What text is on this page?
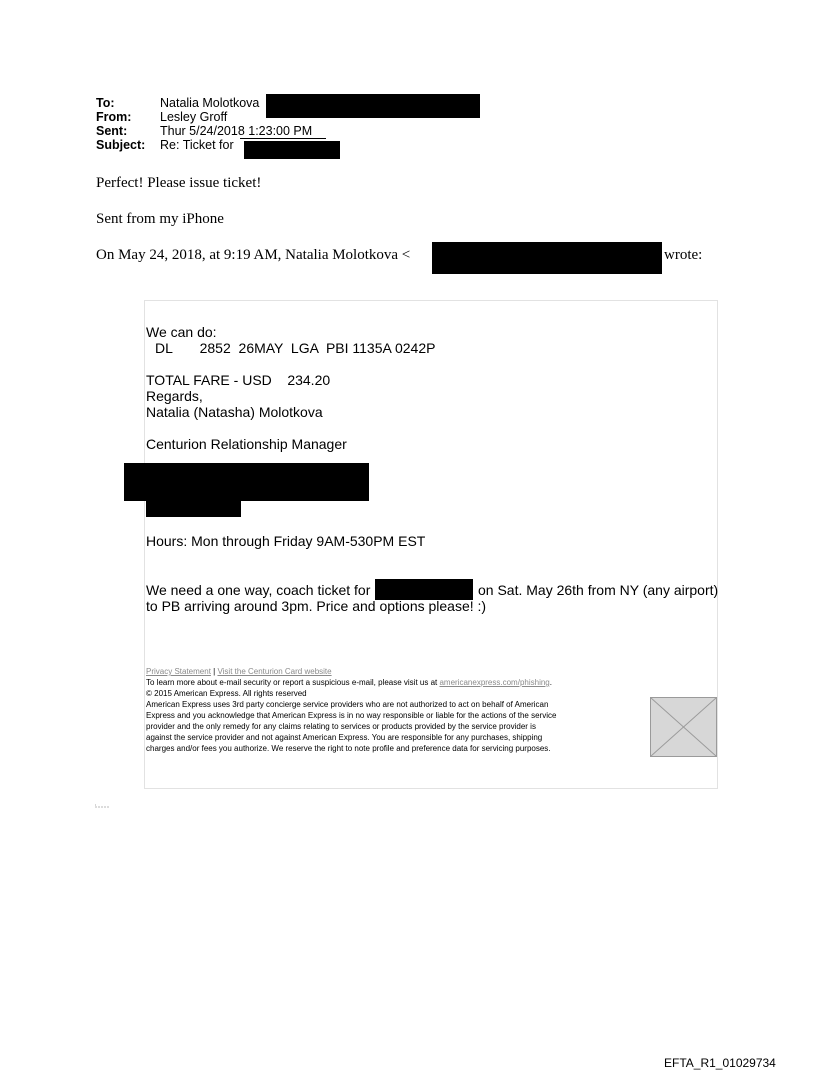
To:	Natalia Molotkova
From: Lesley Groff
Sent:	Thur 5/24/2018 1:23:00 PM
Subject: Re: Ticket for
Perfect! Please issue ticket!
Sent from my iPhone
On May 24, 2018, at 9:19 AM, Natalia Molotkova <	wrote:
We can do:
DL       2852  26MAY  LGA  PBI 1135A 0242P
TOTAL FARE - USD    234.20
Regards,
Natalia (Natasha) Molotkova
Centurion Relationship Manager
Hours: Mon through Friday 9AM-530PM EST
We need a one way, coach ticket for	on Sat. May 26th from NY (any airport)
to PB arriving around 3pm. Price and options please! :)
Privacy Statement | Visit the Centurion Card website
To learn more about e-mail security or report a suspicious e-mail, please visit us at americanexpress.com/phishing.
© 2015 American Express. All rights reserved
American Express uses 3rd party concierge service providers who are not authorized to act on behalf of American
Express and you acknowledge that American Express is in no way responsible or liable for the actions of the service
provider and the only remedy for any claims relating to services or products provided by the service provider is
against the service provider and not against American Express. You are responsible for any purchases, shipping
charges and/or fees you authorize. We reserve the right to note profile and preference data for servicing purposes.
EFTA_R1_01029734
